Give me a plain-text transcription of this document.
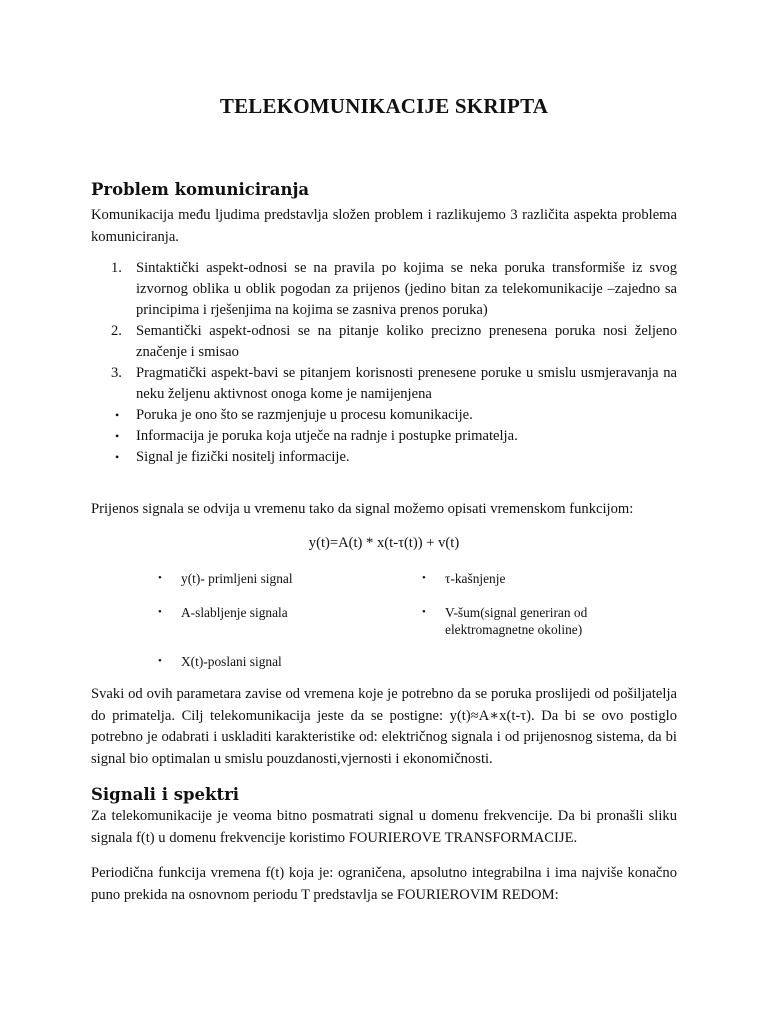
TELEKOMUNIKACIJE SKRIPTA
Problem komuniciranja
Komunikacija među ljudima predstavlja složen problem i razlikujemo 3 različita aspekta problema komuniciranja.
1. Sintaktički aspekt-odnosi se na pravila po kojima se neka poruka transformiše iz svog izvornog oblika u oblik pogodan za prijenos (jedino bitan za telekomunikacije –zajedno sa principima i rješenjima na kojima se zasniva prenos poruka)
2. Semantički aspekt-odnosi se na pitanje koliko precizno prenesena poruka nosi željeno značenje i smisao
3. Pragmatički aspekt-bavi se pitanjem korisnosti prenesene poruke u smislu usmjeravanja na neku željenu aktivnost onoga kome je namijenjena
• Poruka je ono što se razmjenjuje u procesu komunikacije.
• Informacija je poruka koja utječe na radnje i postupke primatelja.
• Signal je fizički nositelj informacije.
Prijenos signala se odvija u vremenu tako da signal možemo opisati vremenskom funkcijom:
y(t)=A(t) * x(t-τ(t)) + v(t)
• y(t)- primljeni signal
• A-slabljenje signala
• X(t)-poslani signal
• τ-kašnjenje
• V-šum(signal generiran od elektromagnetne okoline)
Svaki od ovih parametara zavise od vremena koje je potrebno da se poruka proslijedi od pošiljatelja do primatelja. Cilj telekomunikacija jeste da se postigne: y(t)≈A∗x(t-τ). Da bi se ovo postiglo potrebno je odabrati i uskladiti karakteristike od: električnog signala i od prijenosnog sistema, da bi signal bio optimalan u smislu pouzdanosti,vjernosti i ekonomičnosti.
Signali i spektri
Za telekomunikacije je veoma bitno posmatrati signal u domenu frekvencije. Da bi pronašli sliku signala f(t) u domenu frekvencije koristimo FOURIEROVE TRANSFORMACIJE.
Periodična funkcija vremena f(t) koja je: ograničena, apsolutno integrabilna i ima najviše konačno puno prekida na osnovnom periodu T predstavlja se FOURIEROVIM REDOM:
